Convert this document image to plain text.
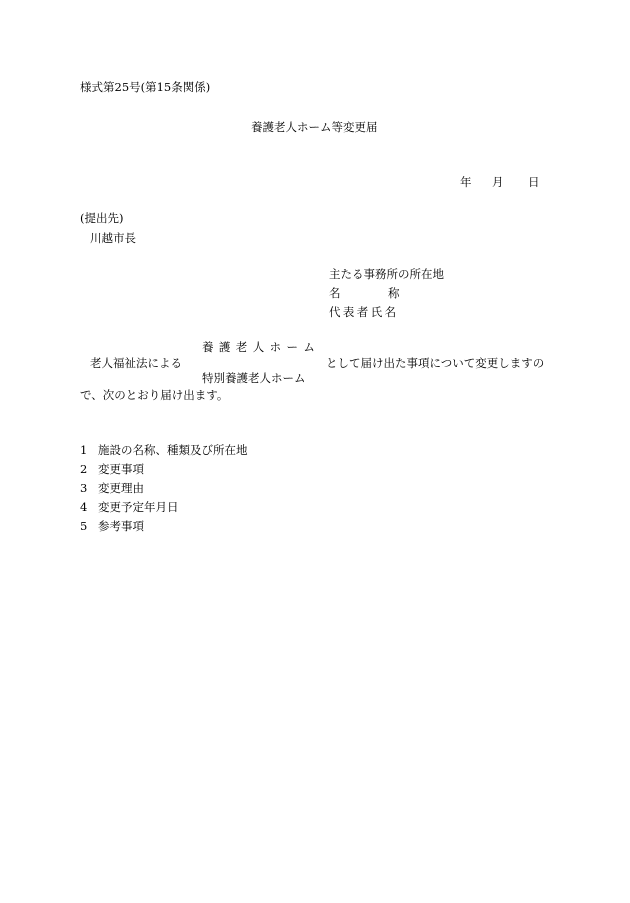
様式第25号(第15条関係)
養護老人ホーム等変更届
年 月 日
(提出先)
川越市長
主たる事務所の所在地
名	称
代表者氏名
養護老人ホーム
老人福祉法による	として届け出た事項について変更しますの
特別養護老人ホーム
で、次のとおり届け出ます。
1 施設の名称、種類及び所在地
2 変更事項
3 変更理由
4 変更予定年月日
5 参考事項
